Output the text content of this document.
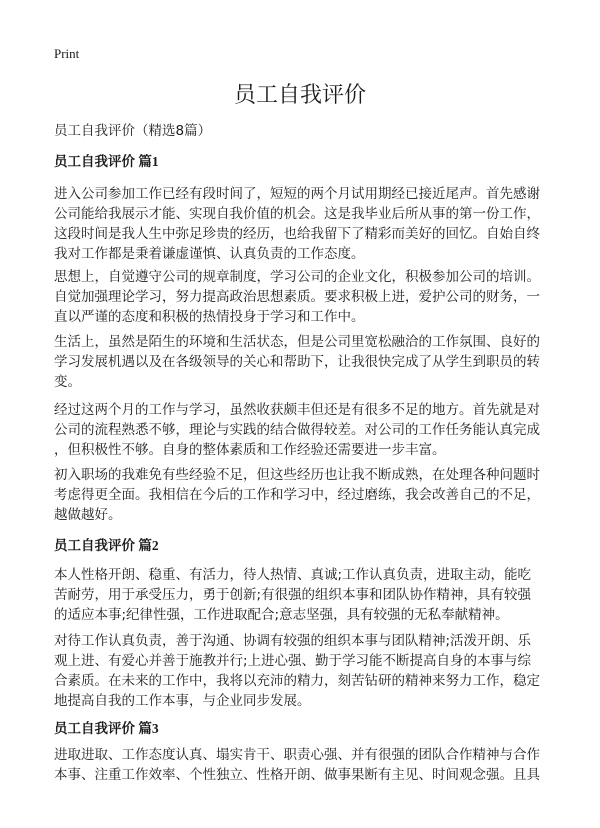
Print
员工自我评价
员工自我评价（精选8篇）
员工自我评价 篇1
进入公司参加工作已经有段时间了，短短的两个月试用期经已接近尾声。首先感谢
公司能给我展示才能、实现自我价值的机会。这是我毕业后所从事的第一份工作，
这段时间是我人生中弥足珍贵的经历，也给我留下了精彩而美好的回忆。自始自终
我对工作都是秉着谦虚谨慎、认真负责的工作态度。
思想上，自觉遵守公司的规章制度，学习公司的企业文化，积极参加公司的培训。
自觉加强理论学习，努力提高政治思想素质。要求积极上进，爱护公司的财务，一
直以严谨的态度和积极的热情投身于学习和工作中。
生活上，虽然是陌生的环境和生活状态，但是公司里宽松融洽的工作氛围、良好的
学习发展机遇以及在各级领导的关心和帮助下，让我很快完成了从学生到职员的转
变。
经过这两个月的工作与学习，虽然收获颇丰但还是有很多不足的地方。首先就是对
公司的流程熟悉不够，理论与实践的结合做得较差。对公司的工作任务能认真完成
，但积极性不够。自身的整体素质和工作经验还需要进一步丰富。
初入职场的我难免有些经验不足，但这些经历也让我不断成熟，在处理各种问题时
考虑得更全面。我相信在今后的工作和学习中，经过磨练，我会改善自己的不足，
越做越好。
员工自我评价 篇2
本人性格开朗、稳重、有活力，待人热情、真诚;工作认真负责，进取主动，能吃
苦耐劳，用于承受压力，勇于创新;有很强的组织本事和团队协作精神，具有较强
的适应本事;纪律性强，工作进取配合;意志坚强，具有较强的无私奉献精神。
对待工作认真负责，善于沟通、协调有较强的组织本事与团队精神;活泼开朗、乐
观上进、有爱心并善于施教并行;上进心强、勤于学习能不断提高自身的本事与综
合素质。在未来的工作中，我将以充沛的精力，刻苦钻研的精神来努力工作，稳定
地提高自我的工作本事，与企业同步发展。
员工自我评价 篇3
进取进取、工作态度认真、塌实肯干、职责心强、并有很强的团队合作精神与合作
本事、注重工作效率、个性独立、性格开朗、做事果断有主见、时间观念强。且具
